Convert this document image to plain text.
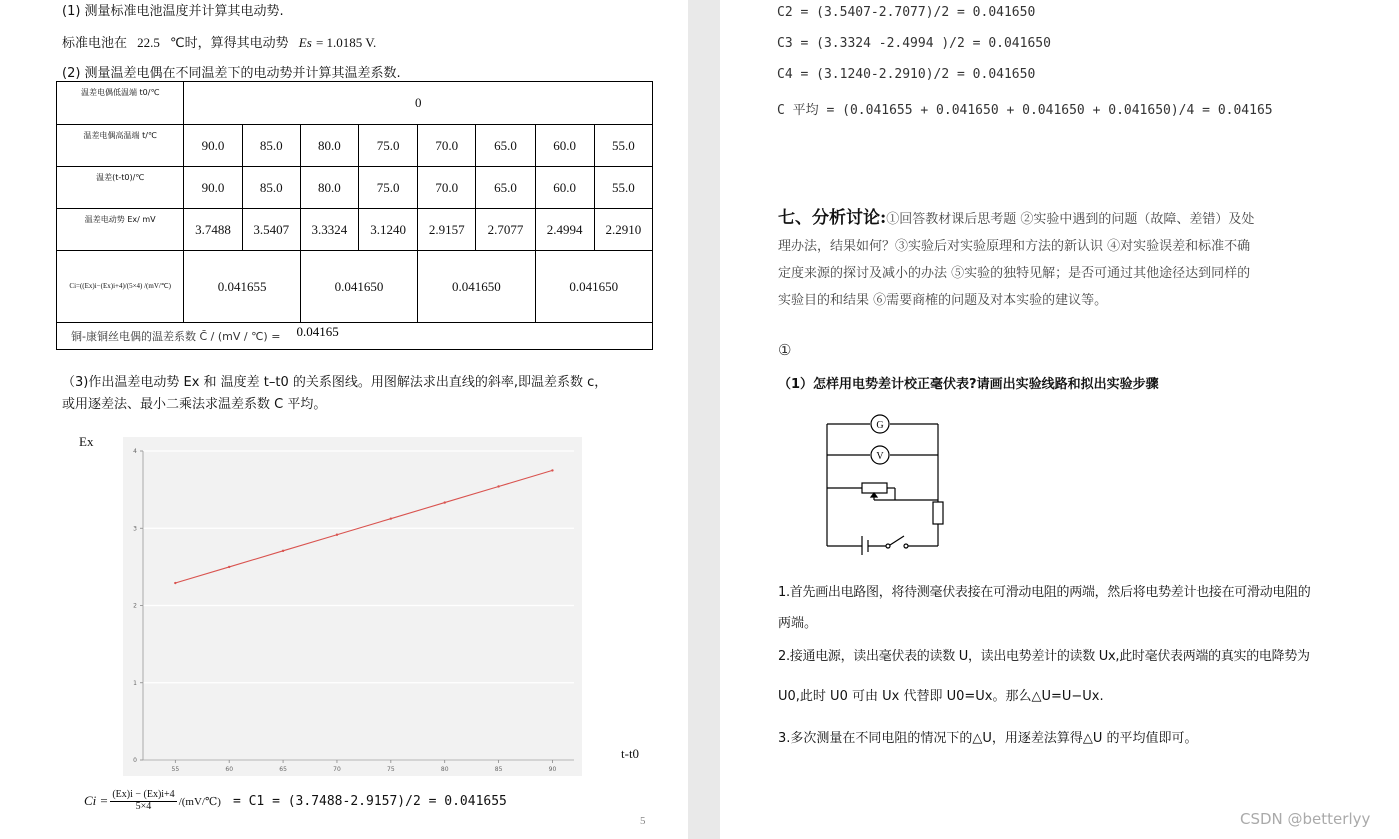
(1) 测量标准电池温度并计算其电动势.
标准电池在 22.5 ℃时，算得其电动势 Es = 1.0185 V.
(2) 测量温差电偶在不同温差下的电动势并计算其温差系数.
温差电偶低温端 t0/℃	0							
温差电偶高温端 t/℃	90.0	85.0	80.0	75.0	70.0	65.0	60.0	55.0
温差(t-t0)/℃	90.0	85.0	80.0	75.0	70.0	65.0	60.0	55.0
温差电动势 Ex/ mV	3.7488	3.5407	3.3324	3.1240	2.9157	2.7077	2.4994	2.2910
Ci=((Ex)i−(Ex)i+4)/(5×4) /(mV/℃)	0.041655		0.041650		0.041650		0.041650	
铜-康铜丝电偶的温差系数 C̄ / (mV / ℃) = 0.04165								
（3)作出温差电动势 Ex 和 温度差 t–t0 的关系图线。用图解法求出直线的斜率,即温差系数 c，
或用逐差法、最小二乘法求温差系数 C 平均。
Ex
t-t0
0
1
2
3
4
55	60	65	70	75	80	85	90
$Ci = \frac{(Ex)i - (Ex)i+4}{5\times 4}$ /(mV/℃) = C1 = (3.7488-2.9157)/2 = 0.041655
5
C2 = (3.5407-2.7077)/2 = 0.041650
C3 = (3.3324 -2.4994 )/2 = 0.041650
C4 = (3.1240-2.2910)/2 = 0.041650
C 平均 = (0.041655 + 0.041650 + 0.041650 + 0.041650)/4 = 0.04165
七、分析讨论:①回答教材课后思考题 ②实验中遇到的问题（故障、差错）及处
理办法，结果如何？③实验后对实验原理和方法的新认识 ④对实验误差和标准不确
定度来源的探讨及减小的办法 ⑤实验的独特见解；是否可通过其他途径达到同样的
实验目的和结果 ⑥需要商榷的问题及对本实验的建议等。
①
（1）怎样用电势差计校正毫伏表?请画出实验线路和拟出实验步骤
G
V
1.首先画出电路图，将待测毫伏表接在可滑动电阻的两端，然后将电势差计也接在可滑动电阻的
两端。
2.接通电源，读出毫伏表的读数 U，读出电势差计的读数 Ux,此时毫伏表两端的真实的电降势为
U0,此时 U0 可由 Ux 代替即 U0=Ux。那么△U=U−Ux.
3.多次测量在不同电阻的情况下的△U，用逐差法算得△U 的平均值即可。
CSDN @betterlyy
